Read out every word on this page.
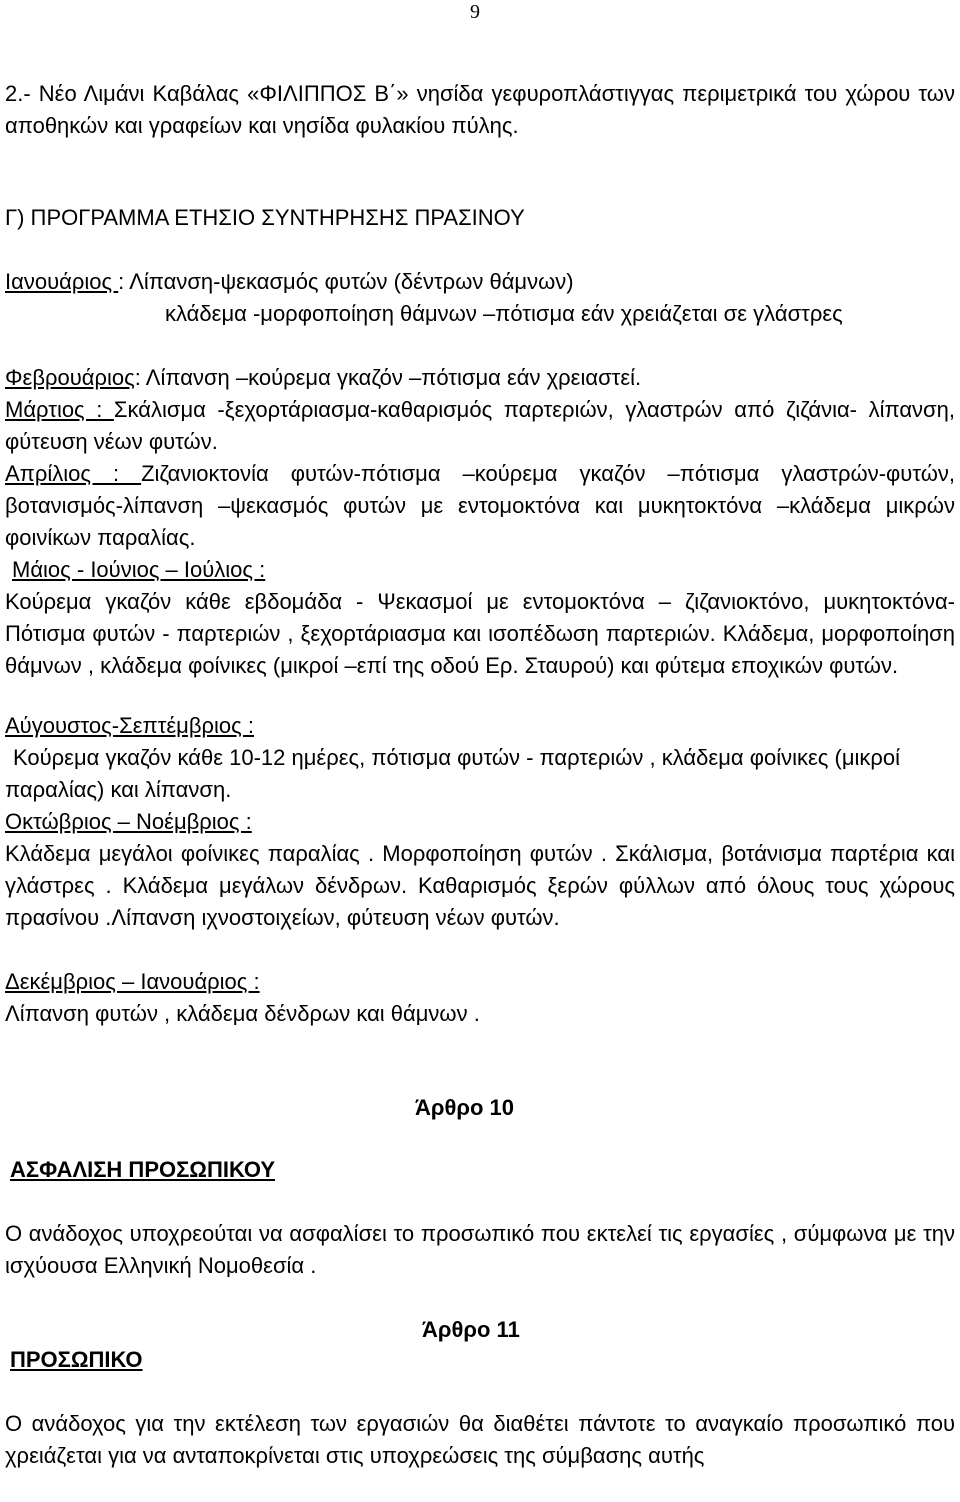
9

2.- Νέο Λιμάνι Καβάλας «ΦΙΛΙΠΠΟΣ Β΄» νησίδα γεφυροπλάστιγγας περιμετρικά του χώρου των αποθηκών και γραφείων και νησίδα φυλακίου πύλης.

Γ) ΠΡΟΓΡΑΜΜΑ ΕΤΗΣΙΟ ΣΥΝΤΗΡΗΣΗΣ ΠΡΑΣΙΝΟΥ

Ιανουάριος : Λίπανση-ψεκασμός φυτών (δέντρων θάμνων)

κλάδεμα -μορφοποίηση θάμνων –πότισμα εάν χρειάζεται σε γλάστρες

Φεβρουάριος: Λίπανση –κούρεμα γκαζόν –πότισμα εάν χρειαστεί.

Μάρτιος : Σκάλισμα -ξεχορτάριασμα-καθαρισμός παρτεριών, γλαστρών από ζιζάνια- λίπανση, φύτευση νέων φυτών.

Απρίλιος : Ζιζανιοκτονία φυτών-πότισμα –κούρεμα γκαζόν –πότισμα γλαστρών-φυτών, βοτανισμός-λίπανση –ψεκασμός φυτών με εντομοκτόνα και μυκητοκτόνα –κλάδεμα μικρών φοινίκων παραλίας.

Μάιος - Ιούνιος – Ιούλιος :

Κούρεμα γκαζόν κάθε εβδομάδα - Ψεκασμοί με εντομοκτόνα – ζιζανιοκτόνο, μυκητοκτόνα- Πότισμα φυτών - παρτεριών , ξεχορτάριασμα και ισοπέδωση παρτεριών. Κλάδεμα, μορφοποίηση θάμνων , κλάδεμα φοίνικες (μικροί –επί της οδού Ερ. Σταυρού) και φύτεμα εποχικών φυτών.

Αύγουστος-Σεπτέμβριος :

Κούρεμα γκαζόν κάθε 10-12 ημέρες, πότισμα φυτών - παρτεριών , κλάδεμα φοίνικες (μικροί παραλίας) και λίπανση.

Οκτώβριος – Νοέμβριος :

Κλάδεμα μεγάλοι φοίνικες παραλίας . Μορφοποίηση φυτών . Σκάλισμα, βοτάνισμα παρτέρια και γλάστρες . Κλάδεμα μεγάλων δένδρων. Καθαρισμός ξερών φύλλων από όλους τους χώρους πρασίνου .Λίπανση ιχνοστοιχείων, φύτευση νέων φυτών.

Δεκέμβριος – Ιανουάριος :

Λίπανση φυτών , κλάδεμα δένδρων και θάμνων .

Άρθρο 10

ΑΣΦΑΛΙΣΗ ΠΡΟΣΩΠΙΚΟΥ

Ο ανάδοχος υποχρεούται να ασφαλίσει το προσωπικό που εκτελεί τις εργασίες , σύμφωνα με την ισχύουσα Ελληνική Νομοθεσία .

Άρθρο 11

ΠΡΟΣΩΠΙΚΟ

Ο ανάδοχος για την εκτέλεση των εργασιών θα διαθέτει πάντοτε το αναγκαίο προσωπικό που χρειάζεται για να ανταποκρίνεται στις υποχρεώσεις της σύμβασης αυτής
